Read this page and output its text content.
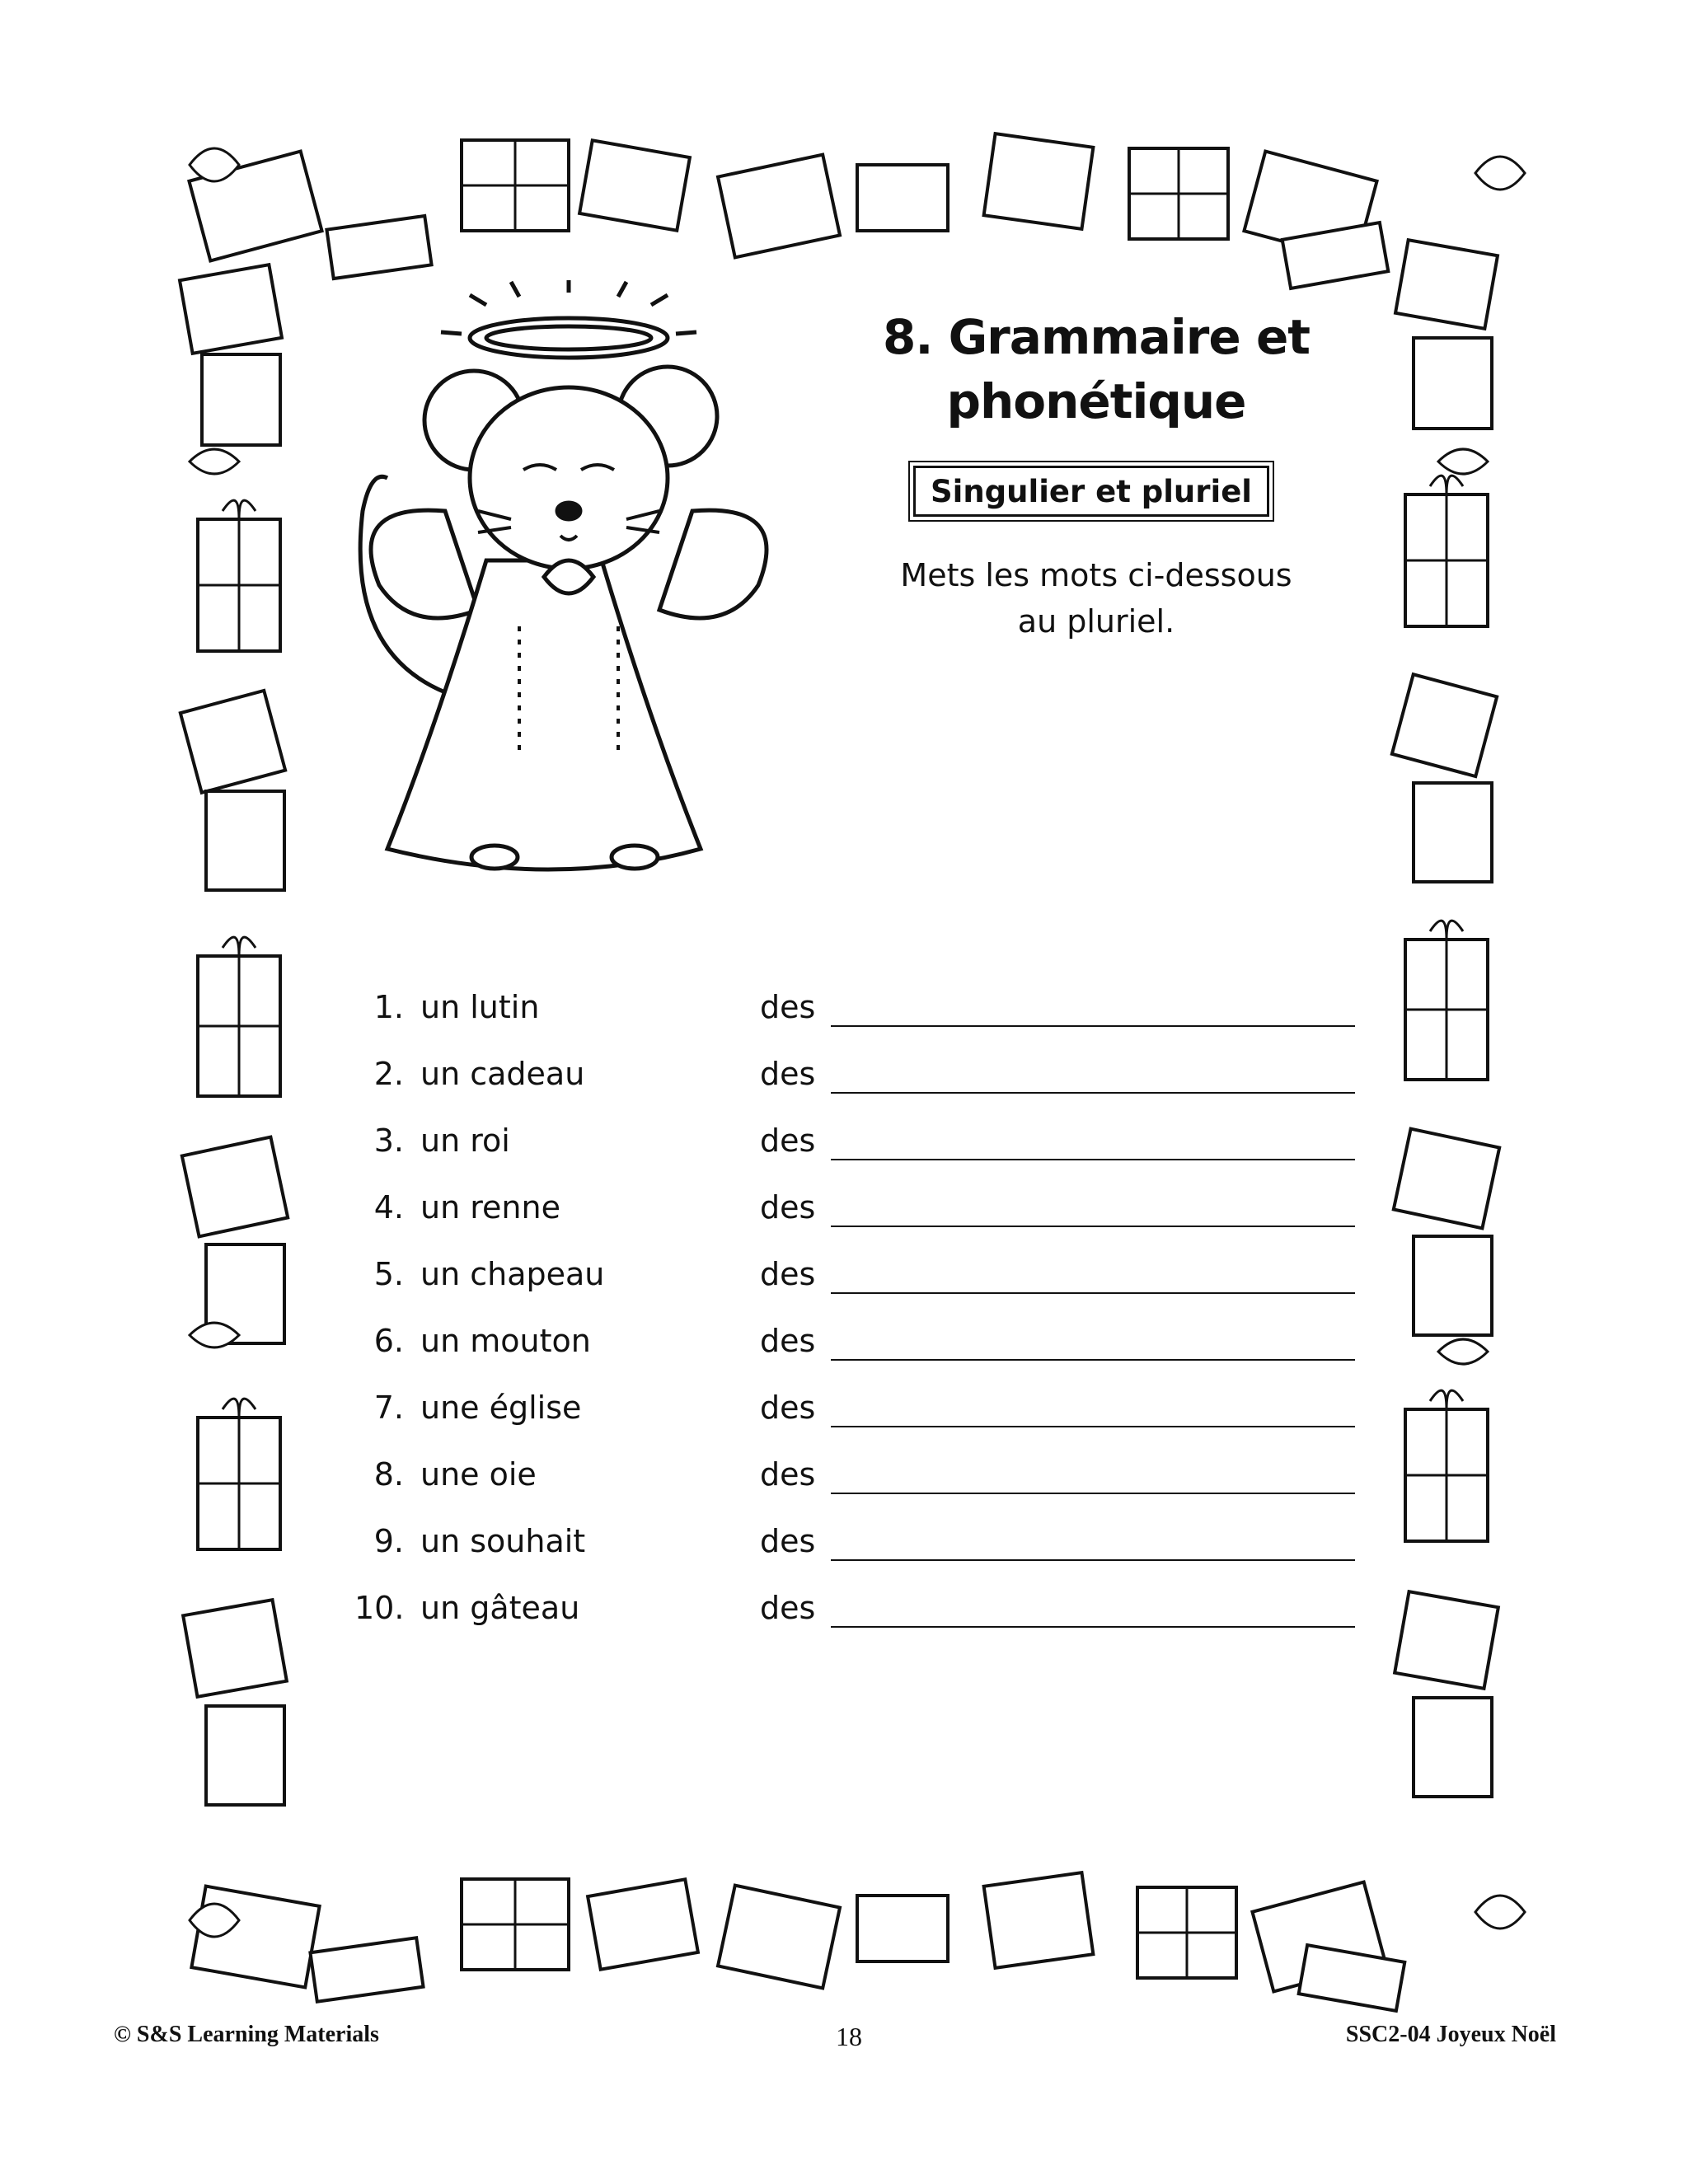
8. Grammaire et
phonétique
Singulier et pluriel
Mets les mots ci-dessous
au pluriel.
1. un lutin	des
2. un cadeau	des
3. un roi	des
4. un renne	des
5. un chapeau	des
6. un mouton	des
7. une église	des
8. une oie	des
9. un souhait	des
10. un gâteau	des
© S&S Learning Materials	18	SSC2-04 Joyeux Noël
